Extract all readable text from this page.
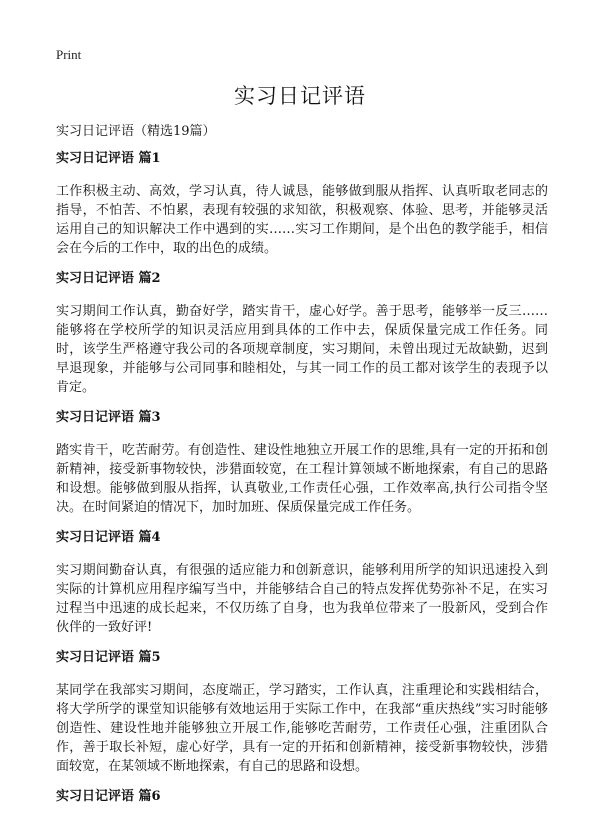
Print
实习日记评语

实习日记评语（精选19篇）

实习日记评语 篇1

工作积极主动、高效，学习认真，待人诚恳，能够做到服从指挥、认真听取老同志的指导，不怕苦、不怕累，表现有较强的求知欲，积极观察、体验、思考，并能够灵活运用自己的知识解决工作中遇到的实……实习工作期间，是个出色的教学能手，相信会在今后的工作中，取的出色的成绩。

实习日记评语 篇2

实习期间工作认真，勤奋好学，踏实肯干，虚心好学。善于思考，能够举一反三……能够将在学校所学的知识灵活应用到具体的工作中去，保质保量完成工作任务。同时，该学生严格遵守我公司的各项规章制度，实习期间，未曾出现过无故缺勤，迟到早退现象，并能够与公司同事和睦相处，与其一同工作的员工都对该学生的表现予以肯定。

实习日记评语 篇3

踏实肯干，吃苦耐劳。有创造性、建设性地独立开展工作的思维,具有一定的开拓和创新精神，接受新事物较快，涉猎面较宽，在工程计算领域不断地探索，有自己的思路和设想。能够做到服从指挥，认真敬业,工作责任心强，工作效率高,执行公司指令坚决。在时间紧迫的情况下，加时加班、保质保量完成工作任务。

实习日记评语 篇4

实习期间勤奋认真，有很强的适应能力和创新意识，能够利用所学的知识迅速投入到实际的计算机应用程序编写当中，并能够结合自己的特点发挥优势弥补不足，在实习过程当中迅速的成长起来，不仅历练了自身，也为我单位带来了一股新风，受到合作伙伴的一致好评!

实习日记评语 篇5

某同学在我部实习期间，态度端正，学习踏实，工作认真，注重理论和实践相结合，将大学所学的课堂知识能够有效地运用于实际工作中，在我部“重庆热线”实习时能够创造性、建设性地并能够独立开展工作,能够吃苦耐劳，工作责任心强，注重团队合作，善于取长补短，虚心好学，具有一定的开拓和创新精神，接受新事物较快，涉猎面较宽，在某领域不断地探索，有自己的思路和设想。

实习日记评语 篇6
